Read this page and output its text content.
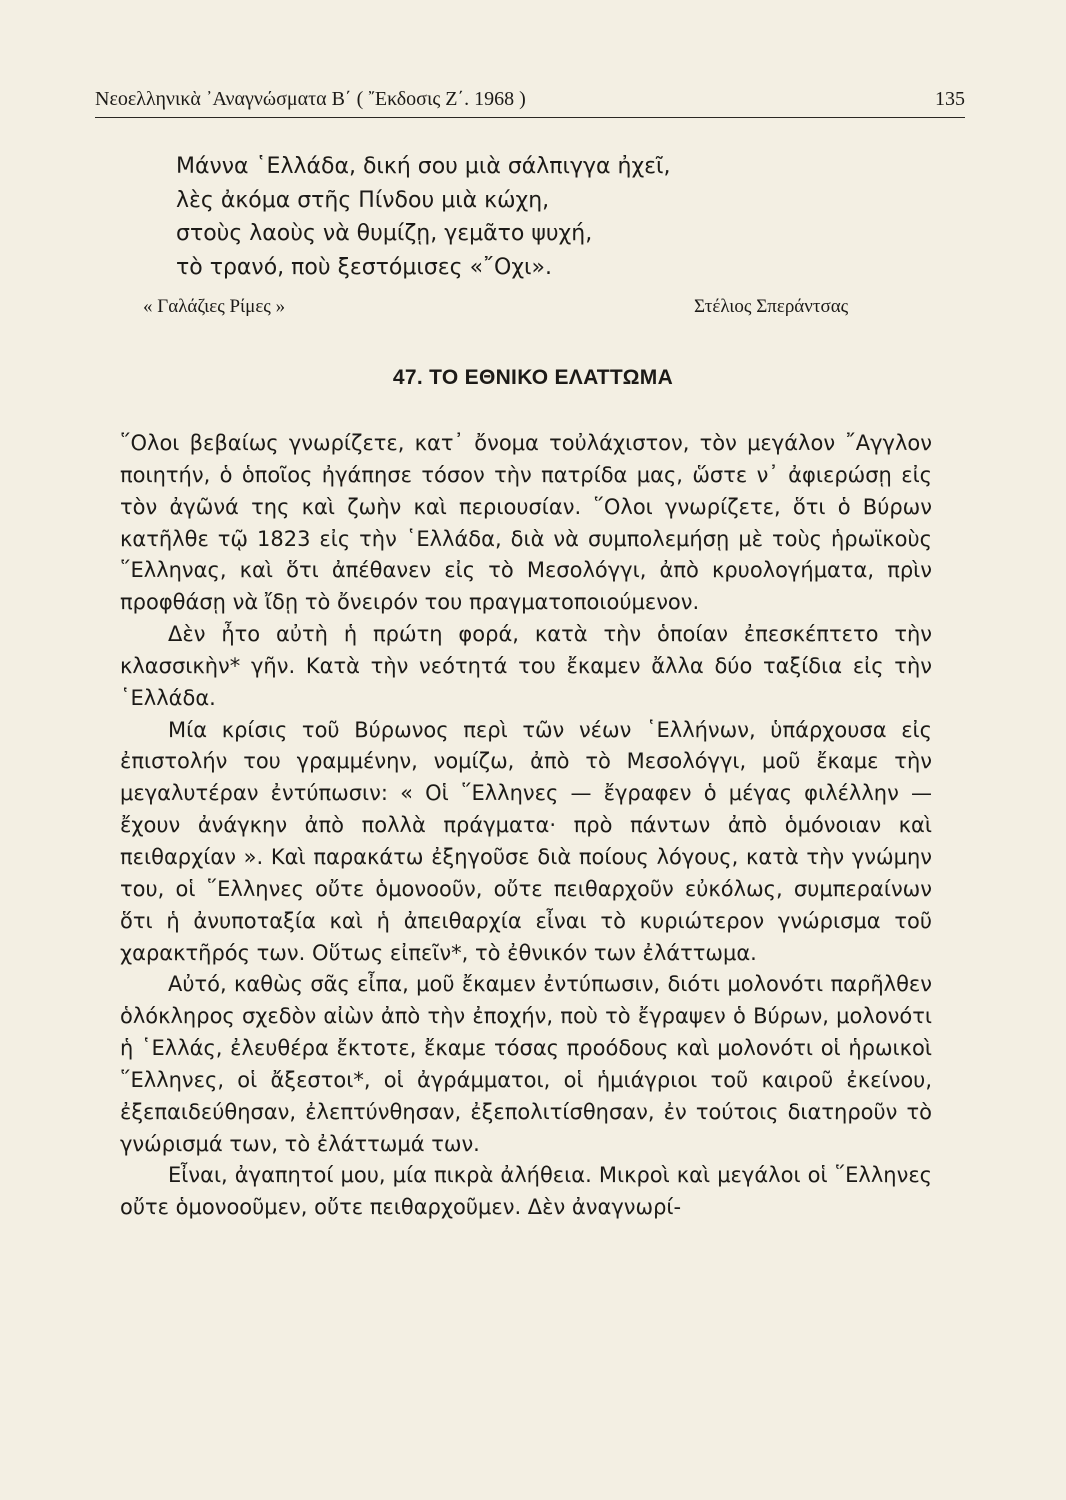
Νεοελληνικὰ ᾿Αναγνώσματα Β΄ ( ῎Εκδοσις Ζ΄. 1968 )	135
Μάννα ῾Ελλάδα, δική σου μιὰ σάλπιγγα ἠχεῖ,
λὲς ἀκόμα στῆς Πίνδου μιὰ κώχη,
στοὺς λαοὺς νὰ θυμίζῃ, γεμᾶτο ψυχή,
τὸ τρανό, ποὺ ξεστόμισες «῎Οχι».
« Γαλάζιες Ρίμες »	Στέλιος Σπεράντσας
47. ΤΟ ΕΘΝΙΚΟ ΕΛΑΤΤΩΜΑ

῞Ολοι βεβαίως γνωρίζετε, κατ᾿ ὄνομα τοὐλάχιστον, τὸν μεγάλον ῎Αγγλον ποιητήν, ὁ ὁποῖος ἠγάπησε τόσον τὴν πατρίδα μας, ὥστε ν᾿ ἀφιερώσῃ εἰς τὸν ἀγῶνά της καὶ ζωὴν καὶ περιουσίαν. ῞Ολοι γνωρίζετε, ὅτι ὁ Βύρων κατῆλθε τῷ 1823 εἰς τὴν ῾Ελλάδα, διὰ νὰ συμπολεμήσῃ μὲ τοὺς ἡρωϊκοὺς ῞Ελληνας, καὶ ὅτι ἀπέθανεν εἰς τὸ Μεσολόγγι, ἀπὸ κρυολογήματα, πρὶν προφθάσῃ νὰ ἴδῃ τὸ ὄνειρόν του πραγματοποιούμενον.

Δὲν ἦτο αὐτὴ ἡ πρώτη φορά, κατὰ τὴν ὁποίαν ἐπεσκέπτετο τὴν κλασσικὴν* γῆν. Κατὰ τὴν νεότητά του ἔκαμεν ἄλλα δύο ταξίδια εἰς τὴν ῾Ελλάδα.

Μία κρίσις τοῦ Βύρωνος περὶ τῶν νέων ῾Ελλήνων, ὑπάρχουσα εἰς ἐπιστολήν του γραμμένην, νομίζω, ἀπὸ τὸ Μεσολόγγι, μοῦ ἔκαμε τὴν μεγαλυτέραν ἐντύπωσιν: « Οἱ ῞Ελληνες — ἔγραφεν ὁ μέγας φιλέλλην — ἔχουν ἀνάγκην ἀπὸ πολλὰ πράγματα· πρὸ πάντων ἀπὸ ὁμόνοιαν καὶ πειθαρχίαν ». Καὶ παρακάτω ἐξηγοῦσε διὰ ποίους λόγους, κατὰ τὴν γνώμην του, οἱ ῞Ελληνες οὔτε ὁμονοοῦν, οὔτε πειθαρχοῦν εὐκόλως, συμπεραίνων ὅτι ἡ ἀνυποταξία καὶ ἡ ἀπειθαρχία εἶναι τὸ κυριώτερον γνώρισμα τοῦ χαρακτῆρός των. Οὕτως εἰπεῖν*, τὸ ἐθνικόν των ἐλάττωμα.

Αὐτό, καθὼς σᾶς εἶπα, μοῦ ἔκαμεν ἐντύπωσιν, διότι μολονότι παρῆλθεν ὁλόκληρος σχεδὸν αἰὼν ἀπὸ τὴν ἐποχήν, ποὺ τὸ ἔγραψεν ὁ Βύρων, μολονότι ἡ ῾Ελλάς, ἐλευθέρα ἔκτοτε, ἔκαμε τόσας προόδους καὶ μολονότι οἱ ἡρωικοὶ ῞Ελληνες, οἱ ἄξεστοι*, οἱ ἀγράμματοι, οἱ ἡμιάγριοι τοῦ καιροῦ ἐκείνου, ἐξεπαιδεύθησαν, ἐλεπτύνθησαν, ἐξεπολιτίσθησαν, ἐν τούτοις διατηροῦν τὸ γνώρισμά των, τὸ ἐλάττωμά των.

Εἶναι, ἀγαπητοί μου, μία πικρὰ ἀλήθεια. Μικροὶ καὶ μεγάλοι οἱ ῞Ελληνες οὔτε ὁμονοοῦμεν, οὔτε πειθαρχοῦμεν. Δὲν ἀναγνωρί-
